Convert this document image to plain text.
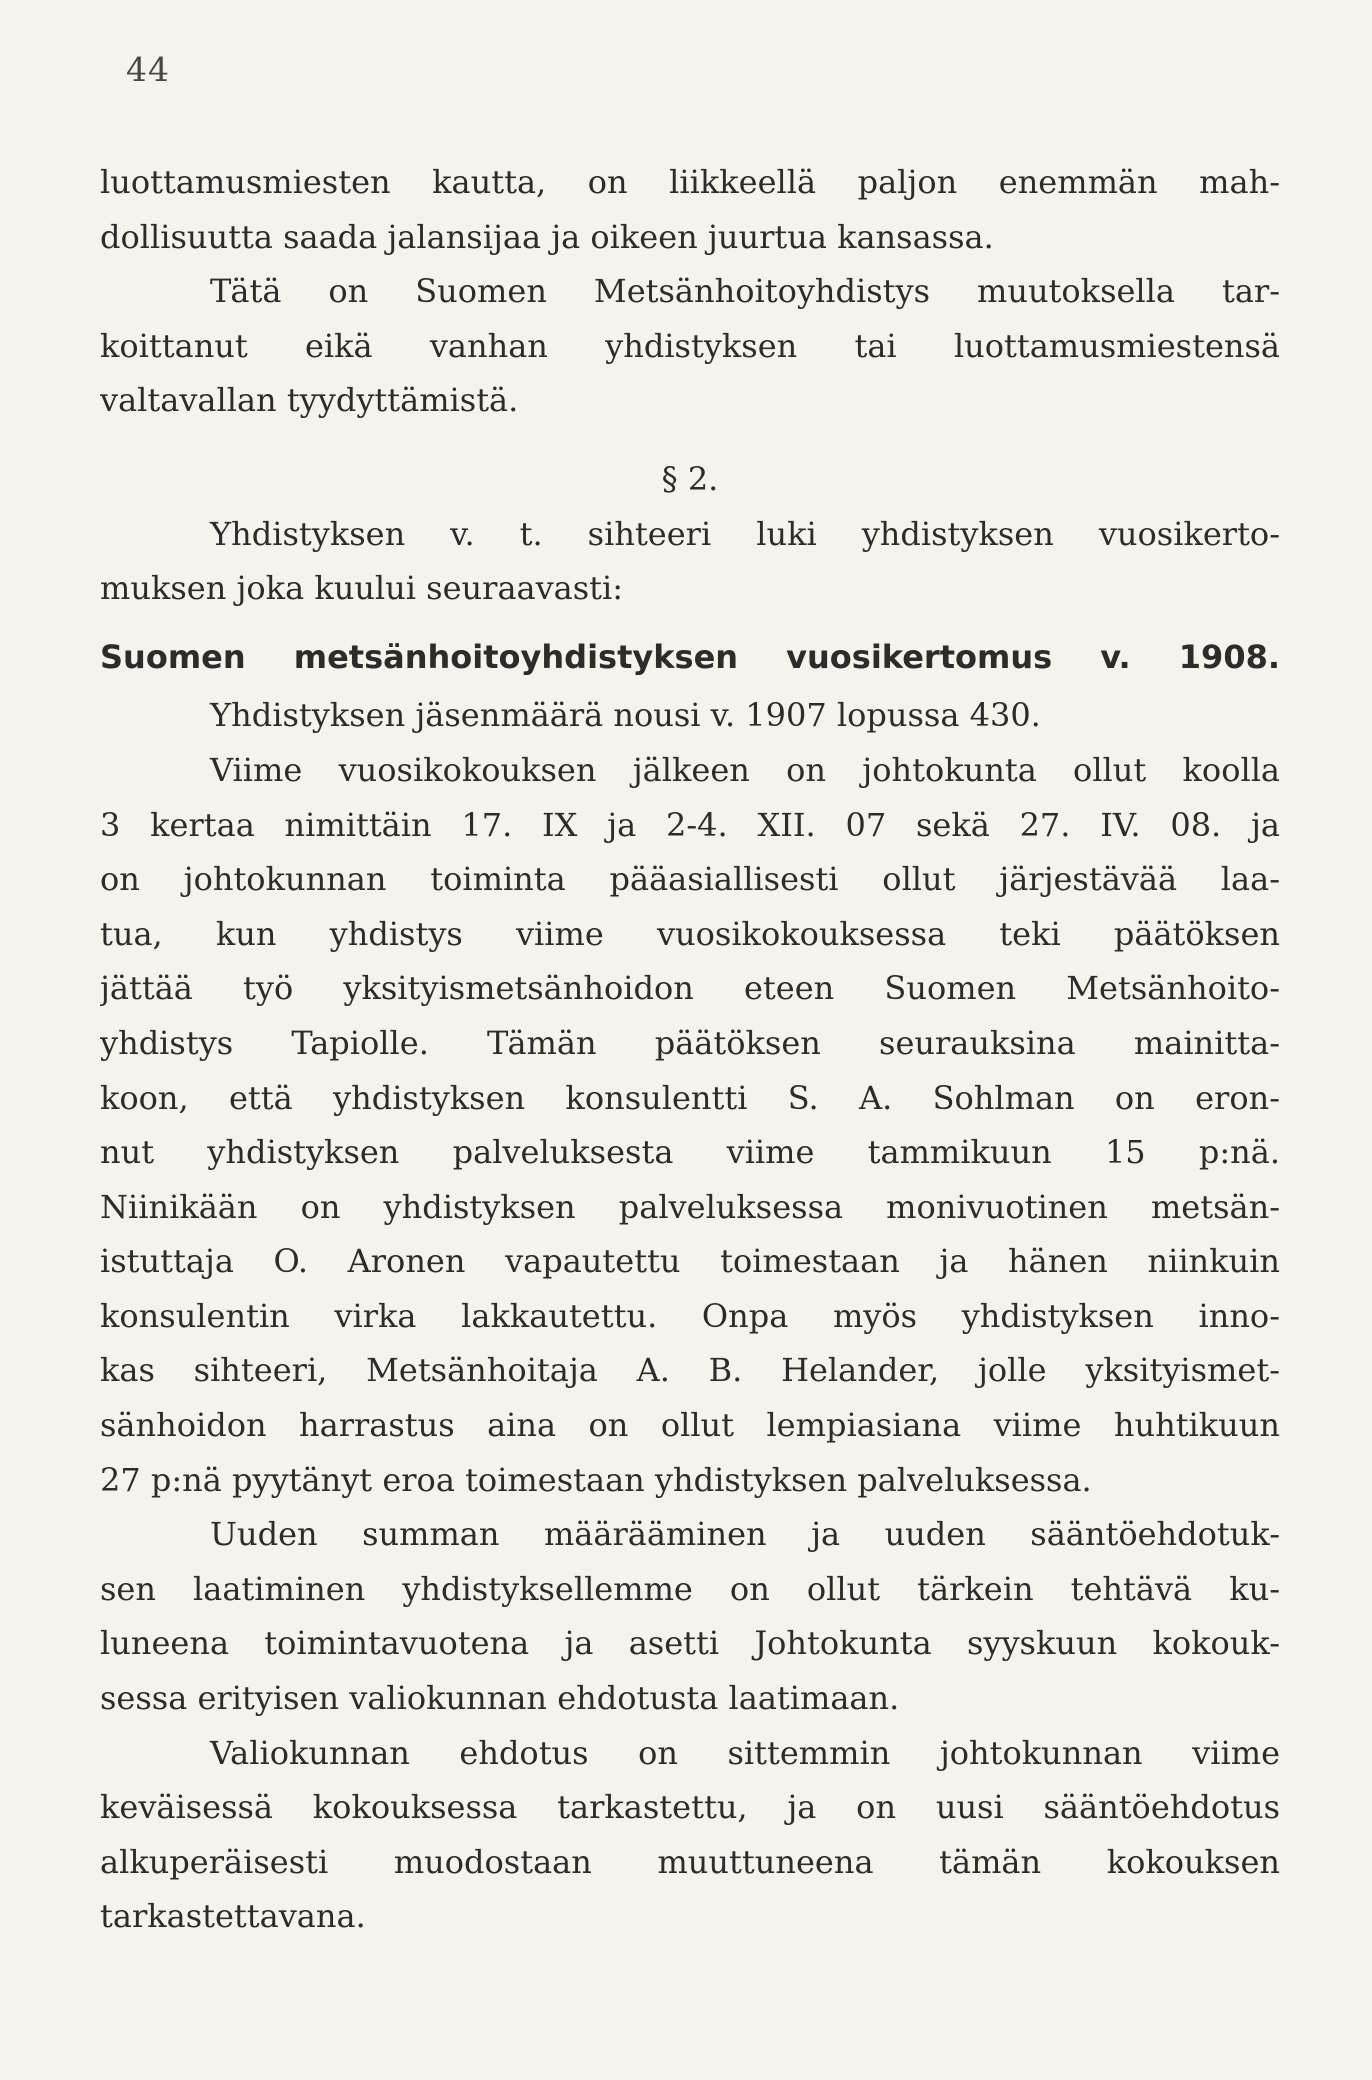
44
luottamusmiesten kautta, on liikkeellä paljon enemmän mah-
dollisuutta saada jalansijaa ja oikeen juurtua kansassa.
Tätä on Suomen Metsänhoitoyhdistys muutoksella tar-
koittanut eikä vanhan yhdistyksen tai luottamusmiestensä
valtavallan tyydyttämistä.
§ 2.
Yhdistyksen v. t. sihteeri luki yhdistyksen vuosikerto-
muksen joka kuului seuraavasti:
Suomen metsänhoitoyhdistyksen vuosikertomus v. 1908.
Yhdistyksen jäsenmäärä nousi v. 1907 lopussa 430.
Viime vuosikokouksen jälkeen on johtokunta ollut koolla
3 kertaa nimittäin 17. IX ja 2-4. XII. 07 sekä 27. IV. 08. ja
on johtokunnan toiminta pääasiallisesti ollut järjestävää laa-
tua, kun yhdistys viime vuosikokouksessa teki päätöksen
jättää työ yksityismetsänhoidon eteen Suomen Metsänhoito-
yhdistys Tapiolle. Tämän päätöksen seurauksina mainitta-
koon, että yhdistyksen konsulentti S. A. Sohlman on eron-
nut yhdistyksen palveluksesta viime tammikuun 15 p:nä.
Niinikään on yhdistyksen palveluksessa monivuotinen metsän-
istuttaja O. Aronen vapautettu toimestaan ja hänen niinkuin
konsulentin virka lakkautettu. Onpa myös yhdistyksen inno-
kas sihteeri, Metsänhoitaja A. B. Helander, jolle yksityismet-
sänhoidon harrastus aina on ollut lempiasiana viime huhtikuun
27 p:nä pyytänyt eroa toimestaan yhdistyksen palveluksessa.
Uuden summan määrääminen ja uuden sääntöehdotuk-
sen laatiminen yhdistyksellemme on ollut tärkein tehtävä ku-
luneena toimintavuotena ja asetti Johtokunta syyskuun kokouk-
sessa erityisen valiokunnan ehdotusta laatimaan.
Valiokunnan ehdotus on sittemmin johtokunnan viime
keväisessä kokouksessa tarkastettu, ja on uusi sääntöehdotus
alkuperäisesti muodostaan muuttuneena tämän kokouksen
tarkastettavana.
